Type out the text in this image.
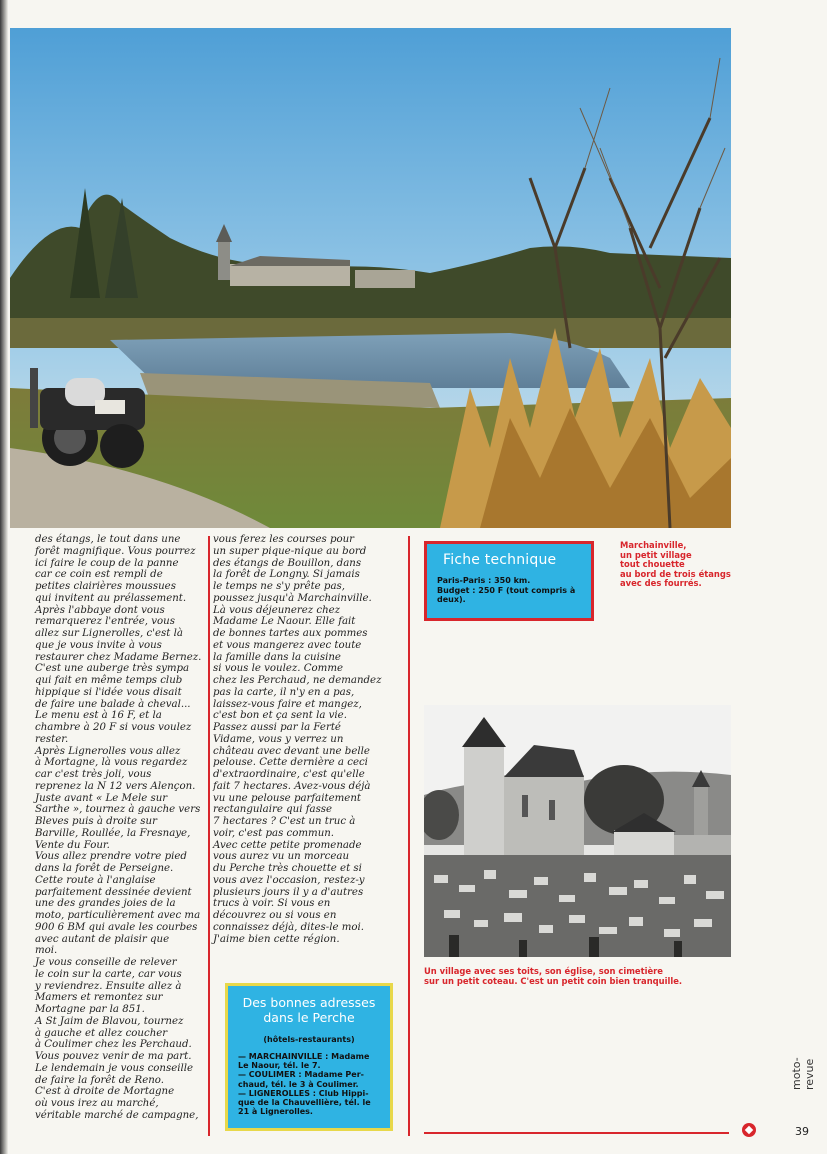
des étangs, le tout dans une
forêt magnifique. Vous pourrez
ici faire le coup de la panne
car ce coin est rempli de
petites clairières moussues
qui invitent au prélassement.
Après l'abbaye dont vous
remarquerez l'entrée, vous
allez sur Lignerolles, c'est là
que je vous invite à vous
restaurer chez Madame Bernez.
C'est une auberge très sympa
qui fait en même temps club
hippique si l'idée vous disait
de faire une balade à cheval...
Le menu est à 16 F, et la
chambre à 20 F si vous voulez
rester.
Après Lignerolles vous allez
à Mortagne, là vous regardez
car c'est très joli, vous
reprenez la N 12 vers Alençon.
Juste avant « Le Mele sur
Sarthe », tournez à gauche vers
Bleves puis à droite sur
Barville, Roullée, la Fresnaye,
Vente du Four.
Vous allez prendre votre pied
dans la forêt de Perseigne.
Cette route à l'anglaise
parfaitement dessinée devient
une des grandes joies de la
moto, particulièrement avec ma
900 6 BM qui avale les courbes
avec autant de plaisir que
moi.
Je vous conseille de relever
le coin sur la carte, car vous
y reviendrez. Ensuite allez à
Mamers et remontez sur
Mortagne par la 851.
A St Jaim de Blavou, tournez
à gauche et allez coucher
à Coulimer chez les Perchaud.
Vous pouvez venir de ma part.
Le lendemain je vous conseille
de faire la forêt de Reno.
C'est à droite de Mortagne
où vous irez au marché,
véritable marché de campagne,
vous ferez les courses pour
un super pique-nique au bord
des étangs de Bouillon, dans
la forêt de Longny. Si jamais
le temps ne s'y prête pas,
poussez jusqu'à Marchainville.
Là vous déjeunerez chez
Madame Le Naour. Elle fait
de bonnes tartes aux pommes
et vous mangerez avec toute
la famille dans la cuisine
si vous le voulez. Comme
chez les Perchaud, ne demandez
pas la carte, il n'y en a pas,
laissez-vous faire et mangez,
c'est bon et ça sent la vie.
Passez aussi par la Ferté
Vidame, vous y verrez un
château avec devant une belle
pelouse. Cette dernière a ceci
d'extraordinaire, c'est qu'elle
fait 7 hectares. Avez-vous déjà
vu une pelouse parfaitement
rectangulaire qui fasse
7 hectares ? C'est un truc à
voir, c'est pas commun.
Avec cette petite promenade
vous aurez vu un morceau
du Perche très chouette et si
vous avez l'occasion, restez-y
plusieurs jours il y a d'autres
trucs à voir. Si vous en
découvrez ou si vous en
connaissez déjà, dites-le moi.
J'aime bien cette région.
Fiche technique
Paris-Paris : 350 km.
Budget : 250 F (tout compris à
deux).
Marchainville,
un petit village
tout chouette
au bord de trois étangs
avec des fourrés.
Un village avec ses toits, son église, son cimetière
sur un petit coteau. C'est un petit coin bien tranquille.
Des bonnes adresses
dans le Perche
(hôtels-restaurants)
— MARCHAINVILLE : Madame
Le Naour, tél. le 7.
— COULIMER : Madame Per-
chaud, tél. le 3 à Coulimer.
— LIGNEROLLES : Club Hippi-
que de la Chauvellière, tél. le
21 à Lignerolles.
moto-revue
39
